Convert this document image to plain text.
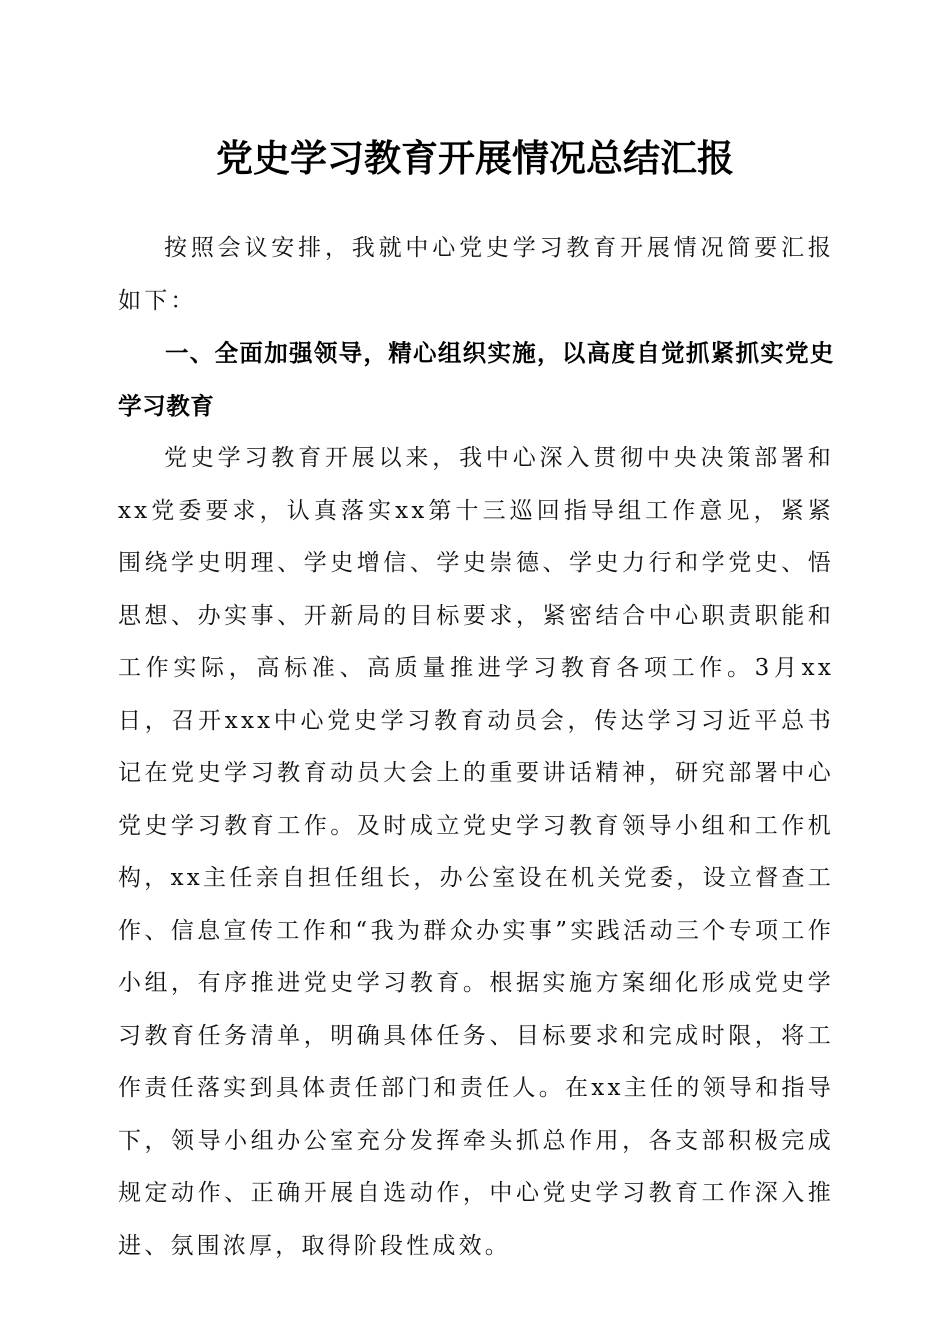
党史学习教育开展情况总结汇报

按照会议安排，我就中心党史学习教育开展情况简要汇报如下：

一、全面加强领导，精心组织实施，以高度自觉抓紧抓实党史学习教育

党史学习教育开展以来，我中心深入贯彻中央决策部署和xx党委要求，认真落实xx第十三巡回指导组工作意见，紧紧围绕学史明理、学史增信、学史崇德、学史力行和学党史、悟思想、办实事、开新局的目标要求，紧密结合中心职责职能和工作实际，高标准、高质量推进学习教育各项工作。3月xx日，召开xxx中心党史学习教育动员会，传达学习习近平总书记在党史学习教育动员大会上的重要讲话精神，研究部署中心党史学习教育工作。及时成立党史学习教育领导小组和工作机构，xx主任亲自担任组长，办公室设在机关党委，设立督查工作、信息宣传工作和“我为群众办实事”实践活动三个专项工作小组，有序推进党史学习教育。根据实施方案细化形成党史学习教育任务清单，明确具体任务、目标要求和完成时限，将工作责任落实到具体责任部门和责任人。在xx主任的领导和指导下，领导小组办公室充分发挥牵头抓总作用，各支部积极完成规定动作、正确开展自选动作，中心党史学习教育工作深入推进、氛围浓厚，取得阶段性成效。
